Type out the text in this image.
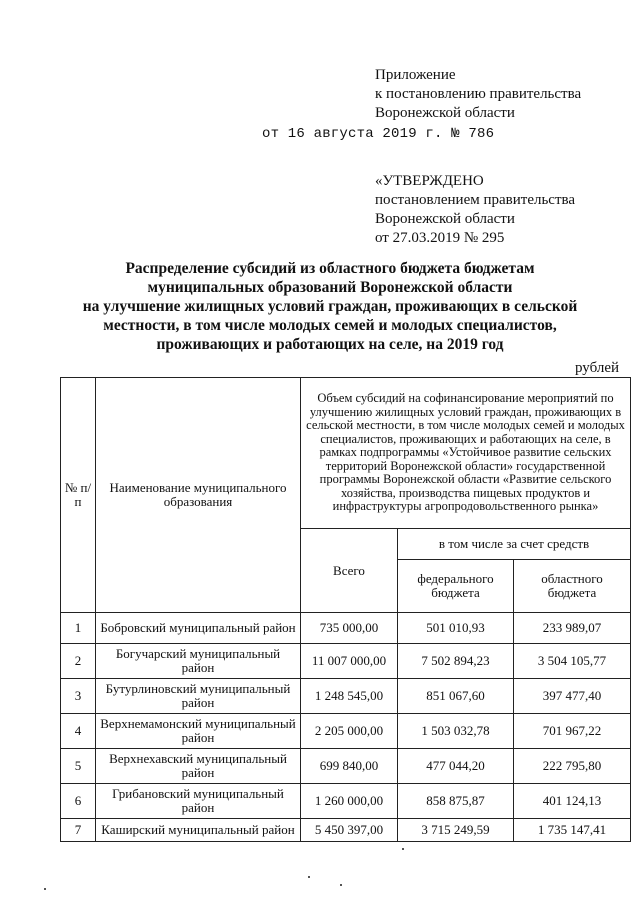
Приложение
к постановлению правительства
Воронежской области
от 16 августа 2019 г. № 786
«УТВЕРЖДЕНО
постановлением правительства
Воронежской области
от 27.03.2019 № 295
Распределение субсидий из областного бюджета бюджетам
муниципальных образований Воронежской области
на улучшение жилищных условий граждан, проживающих в сельской
местности, в том числе молодых семей и молодых специалистов,
проживающих и работающих на селе, на 2019 год
рублей
№ п/п	Наименование муниципального образования	Объем субсидий на софинансирование мероприятий по улучшению жилищных условий граждан, проживающих в сельской местности, в том числе молодых семей и молодых специалистов, проживающих и работающих на селе, в рамках подпрограммы «Устойчивое развитие сельских территорий Воронежской области» государственной программы Воронежской области «Развитие сельского хозяйства, производства пищевых продуктов и инфраструктуры агропродовольственного рынка»		
		Всего	в том числе за счет средств	
			федерального бюджета	областного бюджета
1	Бобровский муниципальный район	735 000,00	501 010,93	233 989,07
2	Богучарский муниципальный район	11 007 000,00	7 502 894,23	3 504 105,77
3	Бутурлиновский муниципальный район	1 248 545,00	851 067,60	397 477,40
4	Верхнемамонский муниципальный район	2 205 000,00	1 503 032,78	701 967,22
5	Верхнехавский муниципальный район	699 840,00	477 044,20	222 795,80
6	Грибановский муниципальный район	1 260 000,00	858 875,87	401 124,13
7	Каширский муниципальный район	5 450 397,00	3 715 249,59	1 735 147,41
